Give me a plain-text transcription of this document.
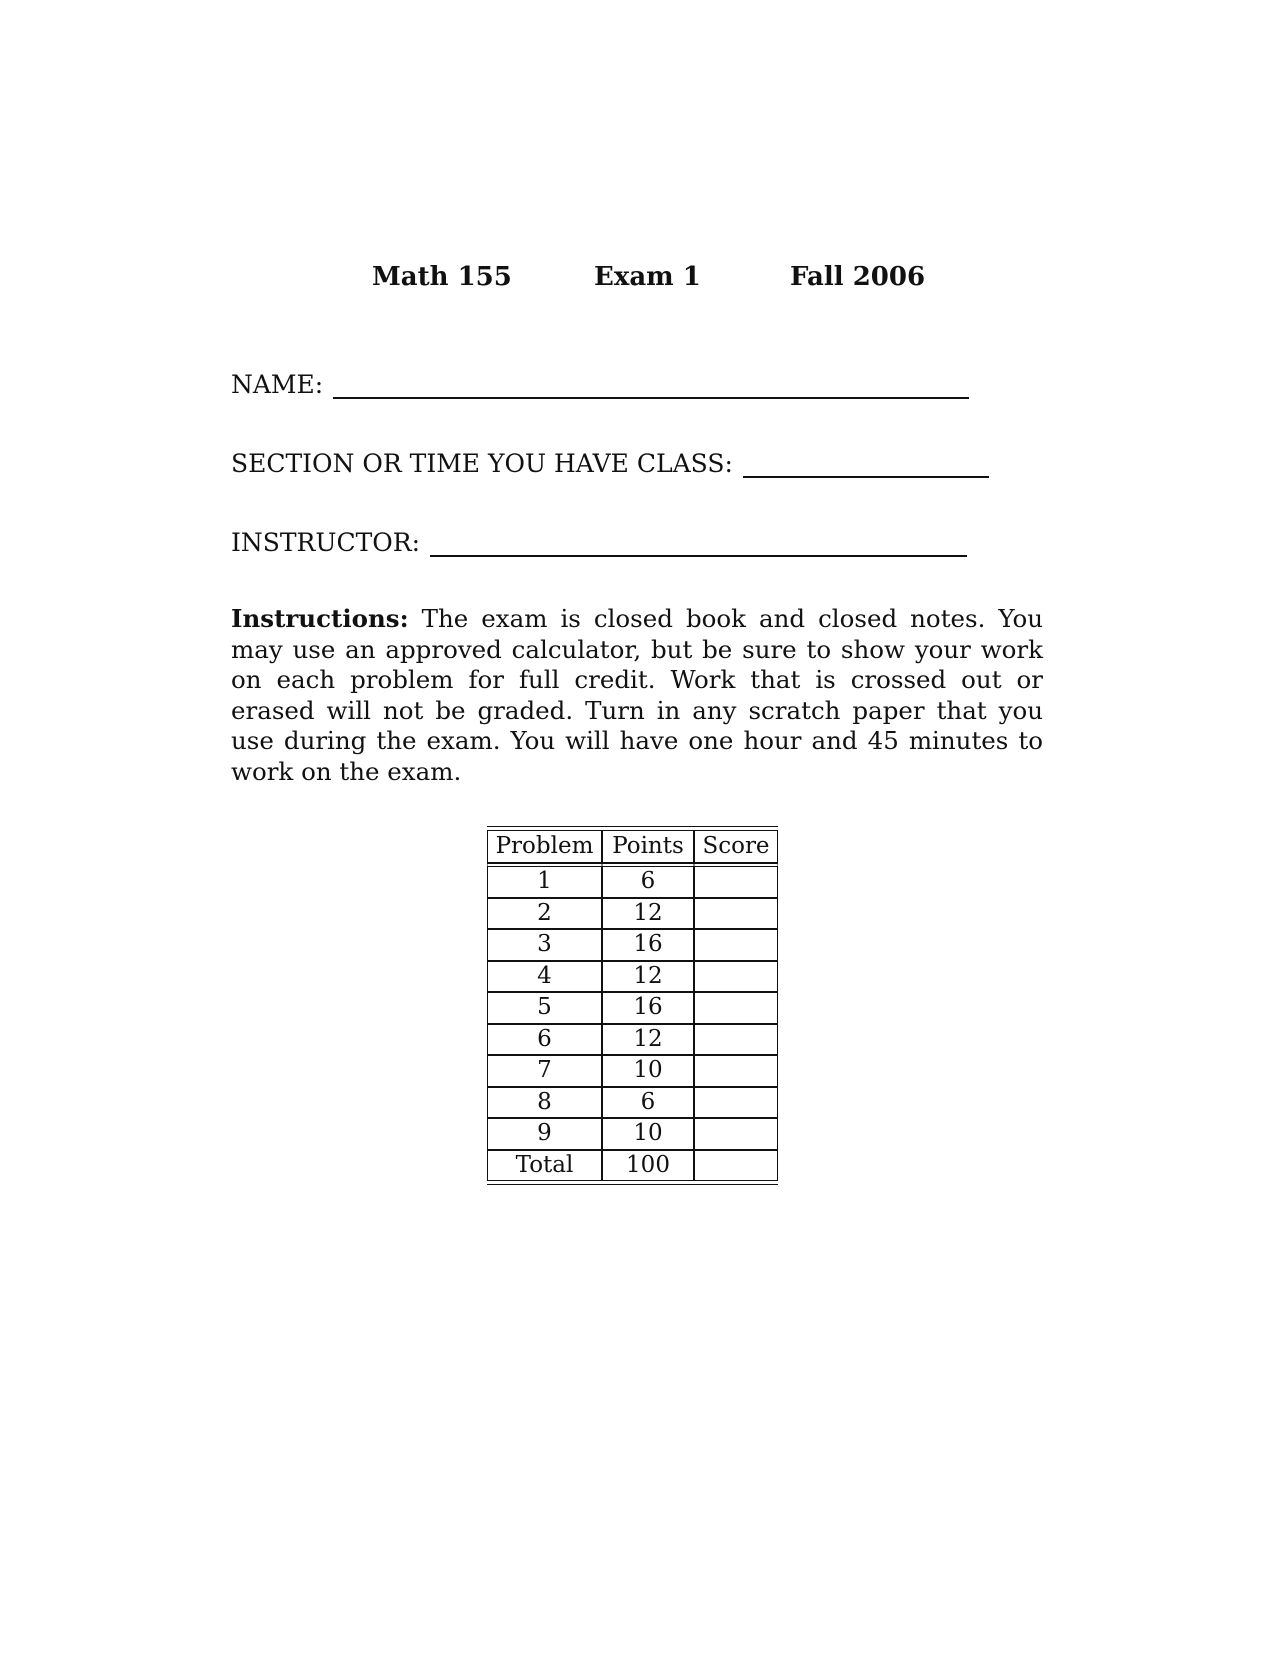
Math 155	Exam 1	Fall 2006
NAME:
SECTION OR TIME YOU HAVE CLASS:
INSTRUCTOR:
Instructions: The exam is closed book and closed notes. You may use an approved calculator, but be sure to show your work on each problem for full credit. Work that is crossed out or erased will not be graded. Turn in any scratch paper that you use during the exam. You will have one hour and 45 minutes to work on the exam.
Problem	Points	Score
1	6	
2	12	
3	16	
4	12	
5	16	
6	12	
7	10	
8	6	
9	10	
Total	100	
